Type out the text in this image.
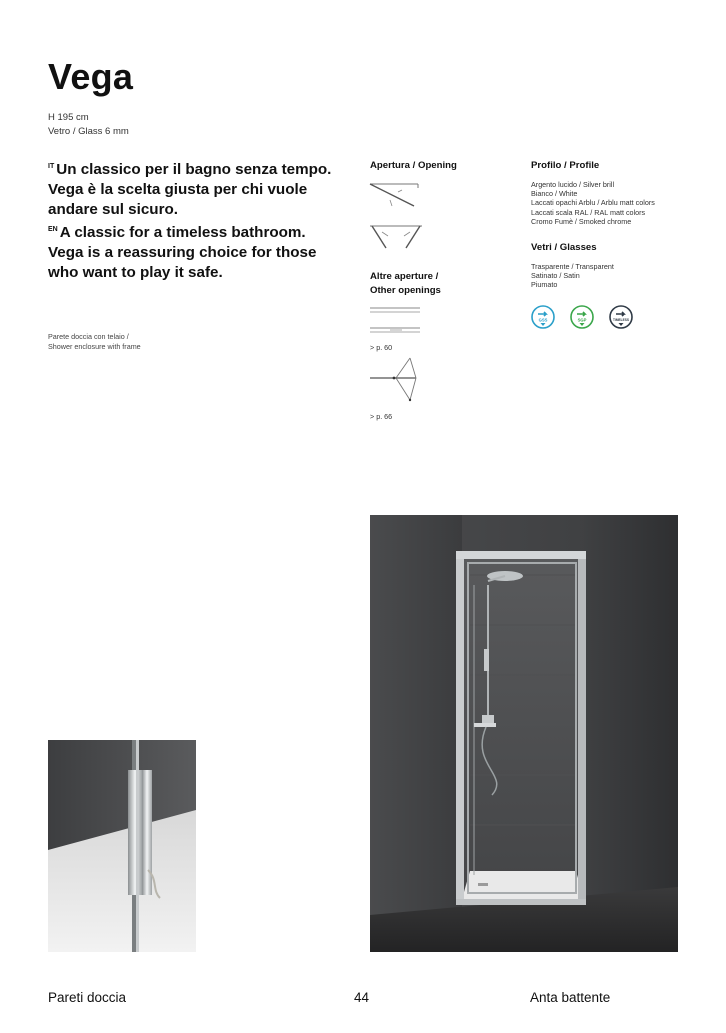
Vega
H 195 cm
Vetro / Glass 6 mm
$^{IT}$ Un classico per il bagno senza tempo. Vega è la scelta giusta per chi vuole andare sul sicuro.
$^{EN}$ A classic for a timeless bathroom. Vega is a reassuring choice for those who want to play it safe.
Parete doccia con telaio /
Shower enclosure with frame
Apertura / Opening
Altre aperture /
Other openings
> p. 60
> p. 66
Profilo / Profile
Argento lucido / Silver brill
Bianco / White
Laccati opachi Arblu / Arblu matt colors
Laccati scala RAL / RAL matt colors
Cromo Fumè / Smoked chrome
Vetri / Glasses
Trasparente / Transparent
Satinato / Satin
Piumato
GSS	SGP	TIMELESS
Pareti doccia	44	Anta battente
